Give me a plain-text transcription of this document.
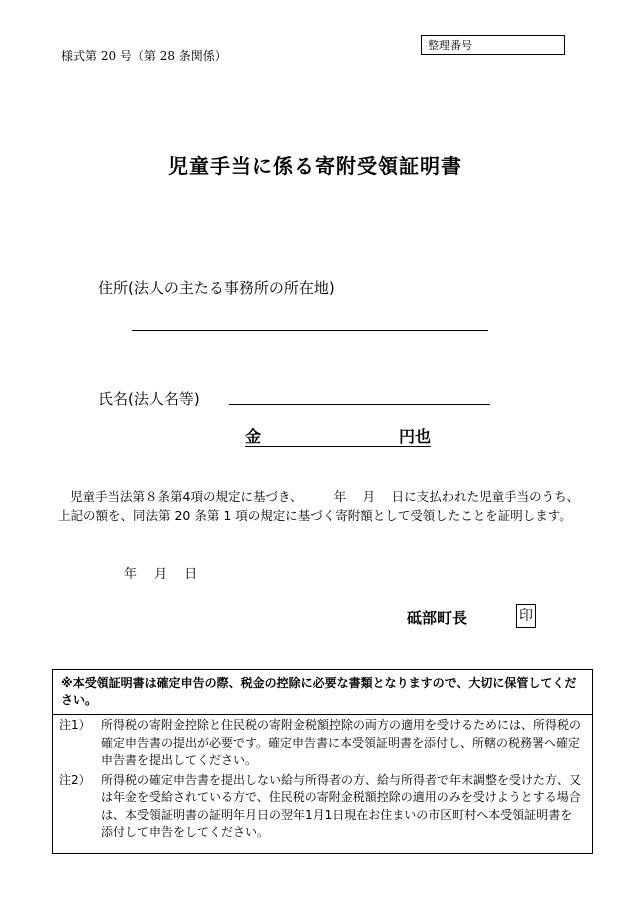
様式第 20 号（第 28 条関係）
整理番号
児童手当に係る寄附受領証明書
住所(法人の主たる事務所の所在地)
氏名(法人名等)
金	円也
児童手当法第８条第4項の規定に基づき、　　　年　 月　 日に支払われた児童手当のうち、上記の額を、同法第 20 条第 1 項の規定に基づく寄附額として受領したことを証明します。
年　 月　 日
砥部町長	印
※本受領証明書は確定申告の際、税金の控除に必要な書類となりますので、大切に保管してください。
注1） 所得税の寄附金控除と住民税の寄附金税額控除の両方の適用を受けるためには、所得税の確定申告書の提出が必要です。確定申告書に本受領証明書を添付し、所轄の税務署へ確定申告書を提出してください。
注2） 所得税の確定申告書を提出しない給与所得者の方、給与所得者で年末調整を受けた方、又は年金を受給されている方で、住民税の寄附金税額控除の適用のみを受けようとする場合は、本受領証明書の証明年月日の翌年1月1日現在お住まいの市区町村へ本受領証明書を添付して申告をしてください。
